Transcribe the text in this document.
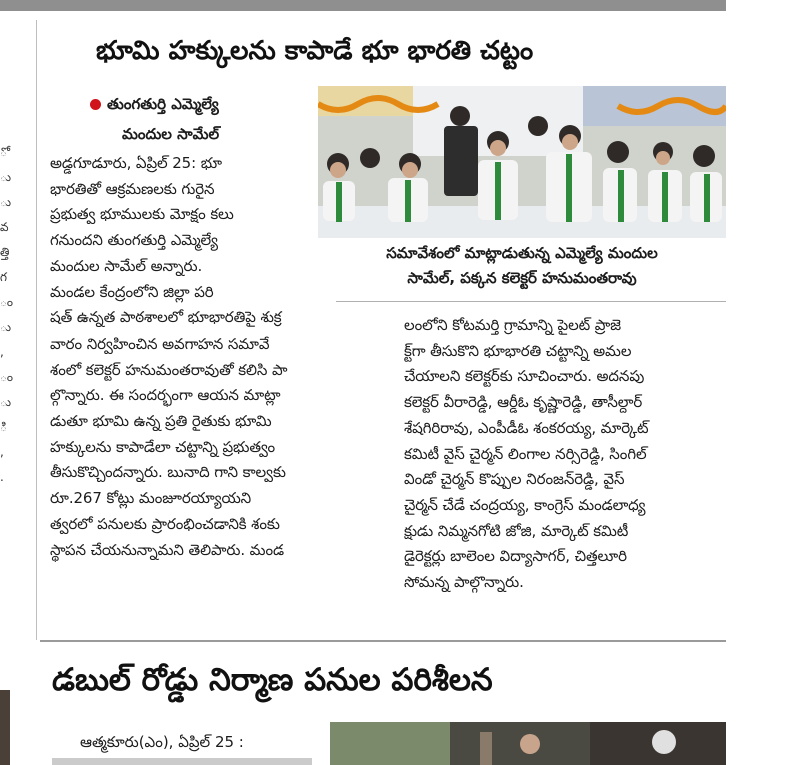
ో
ు
ు
వ
త్తి
గ
ం
ు
,
ం
ు
ి
,
.
భూమి హక్కులను కాపాడే భూ భారతి చట్టం
తుంగతుర్తి ఎమ్మెల్యే
మందుల సామేల్
అడ్డగూడూరు, ఏప్రిల్ 25: భూ
భారతితో ఆక్రమణలకు గురైన
ప్రభుత్వ భూములకు మోక్షం కలు
గనుందని తుంగతుర్తి ఎమ్మెల్యే
మందుల సామేల్ అన్నారు.
మండల కేంద్రంలోని జిల్లా పరి
షత్ ఉన్నత పాఠశాలలో భూభారతిపై శుక్ర
వారం నిర్వహించిన అవగాహన సమావే
శంలో కలెక్టర్ హనుమంతరావుతో కలిసి పా
ల్గొన్నారు. ఈ సందర్భంగా ఆయన మాట్లా
డుతూ భూమి ఉన్న ప్రతి రైతుకు భూమి
హక్కులను కాపాడేలా చట్టాన్ని ప్రభుత్వం
తీసుకొచ్చిందన్నారు. బునాది గాని కాల్వకు
రూ.267 కోట్లు మంజూరయ్యాయని
త్వరలో పనులకు ప్రారంభించడానికి శంకు
స్థాపన చేయనున్నామని తెలిపారు. మండ
సమావేశంలో మాట్లాడుతున్న ఎమ్మెల్యే మందుల
సామేల్, పక్కన కలెక్టర్ హనుమంతరావు
లంలోని కోటమర్తి గ్రామాన్ని పైలట్ ప్రాజె
క్ట్‌గా తీసుకొని భూభారతి చట్టాన్ని అమల
చేయాలని కలెక్టర్‌కు సూచించారు. అదనపు
కలెక్టర్ వీరారెడ్డి, ఆర్డీఓ కృష్ణారెడ్డి, తాసీల్దార్
శేషగిరిరావు, ఎంపీడీఓ శంకరయ్య, మార్కెట్
కమిటీ వైస్ చైర్మన్ లింగాల నర్సిరెడ్డి, సింగిల్
విండో చైర్మన్ కొప్పుల నిరంజన్‌రెడ్డి, వైస్
చైర్మన్ చేడే చంద్రయ్య, కాంగ్రెస్ మండలాధ్య
క్షుడు నిమ్మనగోటి జోజి, మార్కెట్ కమిటీ
డైరెక్టర్లు బాలెంల విద్యాసాగర్, చిత్తలూరి
సోమన్న పాల్గొన్నారు.
డబుల్ రోడ్డు నిర్మాణ పనుల పరిశీలన
ఆత్మకూరు(ఎం), ఏప్రిల్ 25 :
